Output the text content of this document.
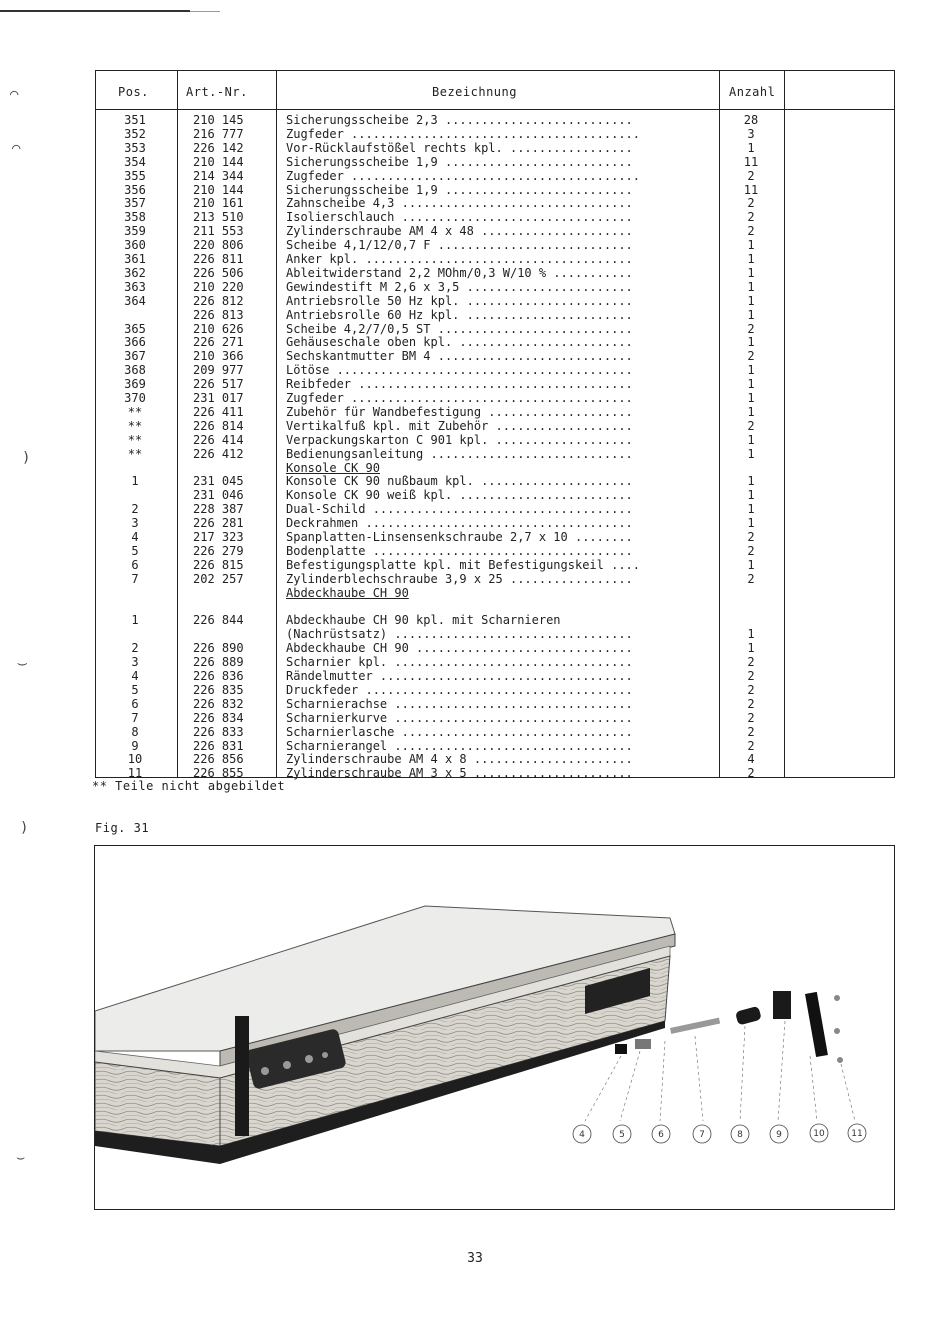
⌒
⌒
)
‿
)
⌣
Pos.	Art.-Nr.	Bezeichnung	Anzahl
351	210 145	Sicherungsscheibe 2,3 ..........................	28
352	216 777	Zugfeder ........................................	3
353	226 142	Vor-Rücklaufstößel rechts kpl. .................	1
354	210 144	Sicherungsscheibe 1,9 ..........................	11
355	214 344	Zugfeder ........................................	2
356	210 144	Sicherungsscheibe 1,9 ..........................	11
357	210 161	Zahnscheibe 4,3 ................................	2
358	213 510	Isolierschlauch ................................	2
359	211 553	Zylinderschraube AM 4 x 48 .....................	2
360	220 806	Scheibe 4,1/12/0,7 F ...........................	1
361	226 811	Anker kpl. .....................................	1
362	226 506	Ableitwiderstand 2,2 MOhm/0,3 W/10 % ...........	1
363	210 220	Gewindestift M 2,6 x 3,5 .......................	1
364	226 812	Antriebsrolle 50 Hz kpl. .......................	1
226 813	Antriebsrolle 60 Hz kpl. .......................	1
365	210 626	Scheibe 4,2/7/0,5 ST ...........................	2
366	226 271	Gehäuseschale oben kpl. ........................	1
367	210 366	Sechskantmutter BM 4 ...........................	2
368	209 977	Lötöse .........................................	1
369	226 517	Reibfeder ......................................	1
370	231 017	Zugfeder .......................................	1
**	226 411	Zubehör für Wandbefestigung ....................	1
**	226 814	Vertikalfuß kpl. mit Zubehör ...................	2
**	226 414	Verpackungskarton C 901 kpl. ...................	1
**	226 412	Bedienungsanleitung ............................	1
Konsole CK 90
1	231 045	Konsole CK 90 nußbaum kpl. .....................	1
231 046	Konsole CK 90 weiß kpl. ........................	1
2	228 387	Dual-Schild ....................................	1
3	226 281	Deckrahmen .....................................	1
4	217 323	Spanplatten-Linsensenkschraube 2,7 x 10 ........	2
5	226 279	Bodenplatte ....................................	2
6	226 815	Befestigungsplatte kpl. mit Befestigungskeil ....	1
7	202 257	Zylinderblechschraube 3,9 x 25 .................	2
Abdeckhaube CH 90
1	226 844	Abdeckhaube CH 90 kpl. mit Scharnieren
(Nachrüstsatz) .................................	1
2	226 890	Abdeckhaube CH 90 ..............................	1
3	226 889	Scharnier kpl. .................................	2
4	226 836	Rändelmutter ...................................	2
5	226 835	Druckfeder .....................................	2
6	226 832	Scharnierachse .................................	2
7	226 834	Scharnierkurve .................................	2
8	226 833	Scharnierlasche ................................	2
9	226 831	Scharnierangel .................................	2
10	226 856	Zylinderschraube AM 4 x 8 ......................	4
11	226 855	Zylinderschraube AM 3 x 5 ......................	2
** Teile nicht abgebildet
Fig. 31
4	5	6	7	8	9	10	11
33
